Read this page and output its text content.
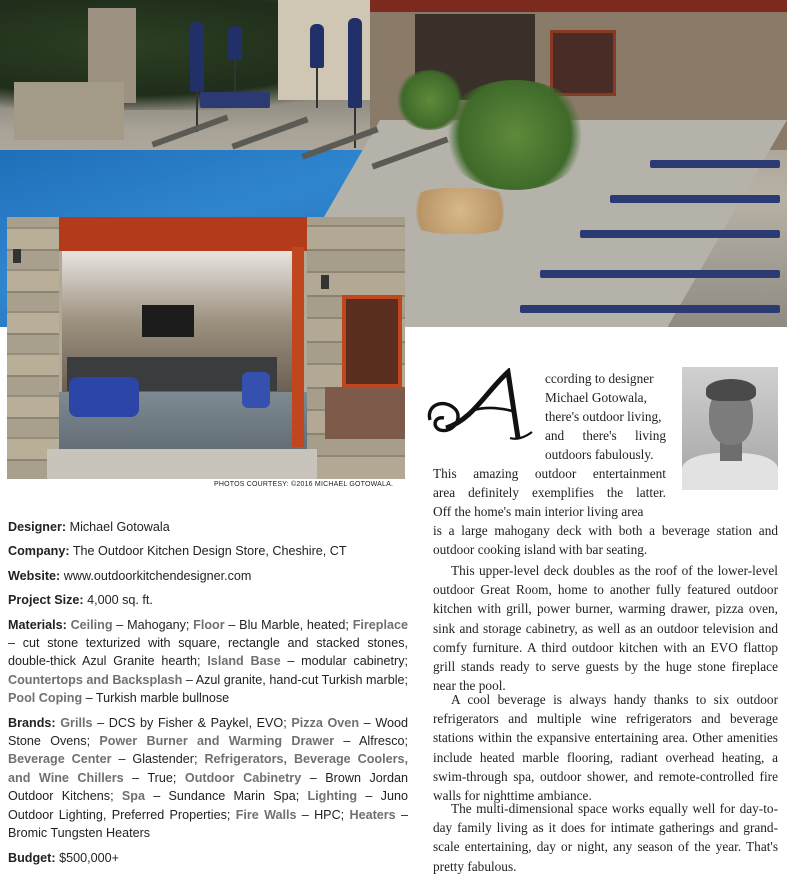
PHOTOS COURTESY: ©2016 MICHAEL GOTOWALA.

Designer: Michael Gotowala

Company: The Outdoor Kitchen Design Store, Cheshire, CT

Website: www.outdoorkitchendesigner.com

Project Size: 4,000 sq. ft.

Materials: Ceiling – Mahogany; Floor – Blu Marble, heated; Fireplace – cut stone texturized with square, rectangle and stacked stones, double-thick Azul Granite hearth; Island Base – modular cabinetry; Countertops and Backsplash – Azul granite, hand-cut Turkish marble; Pool Coping – Turkish marble bullnose

Brands: Grills – DCS by Fisher & Paykel, EVO; Pizza Oven – Wood Stone Ovens; Power Burner and Warming Drawer – Alfresco; Beverage Center – Glastender; Refrigerators, Beverage Coolers, and Wine Chillers – True; Outdoor Cabinetry – Brown Jordan Outdoor Kitchens; Spa – Sundance Marin Spa; Lighting – Juno Outdoor Lighting, Preferred Properties; Fire Walls – HPC; Heaters – Bromic Tungsten Heaters

Budget: $500,000+

A
ccording to designer
Michael Gotowala,
there's outdoor living,
and there's living
outdoors fabulously.
This amazing outdoor entertainment
area definitely exemplifies the latter.
Off the home's main interior living area
is a large mahogany deck with both a beverage station and
outdoor cooking island with bar seating.

This upper-level deck doubles as the roof of the lower-level outdoor Great Room, home to another fully featured outdoor kitchen with grill, power burner, warming drawer, pizza oven, sink and storage cabinetry, as well as an outdoor television and comfy furniture. A third outdoor kitchen with an EVO flattop grill stands ready to serve guests by the huge stone fireplace near the pool.

A cool beverage is always handy thanks to six outdoor refrigerators and multiple wine refrigerators and beverage stations within the expansive entertaining area. Other amenities include heated marble flooring, radiant overhead heating, a swim-through spa, outdoor shower, and remote-controlled fire walls for nighttime ambiance.

The multi-dimensional space works equally well for day-to-day family living as it does for intimate gatherings and grand-scale entertaining, day or night, any season of the year. That's pretty fabulous.
